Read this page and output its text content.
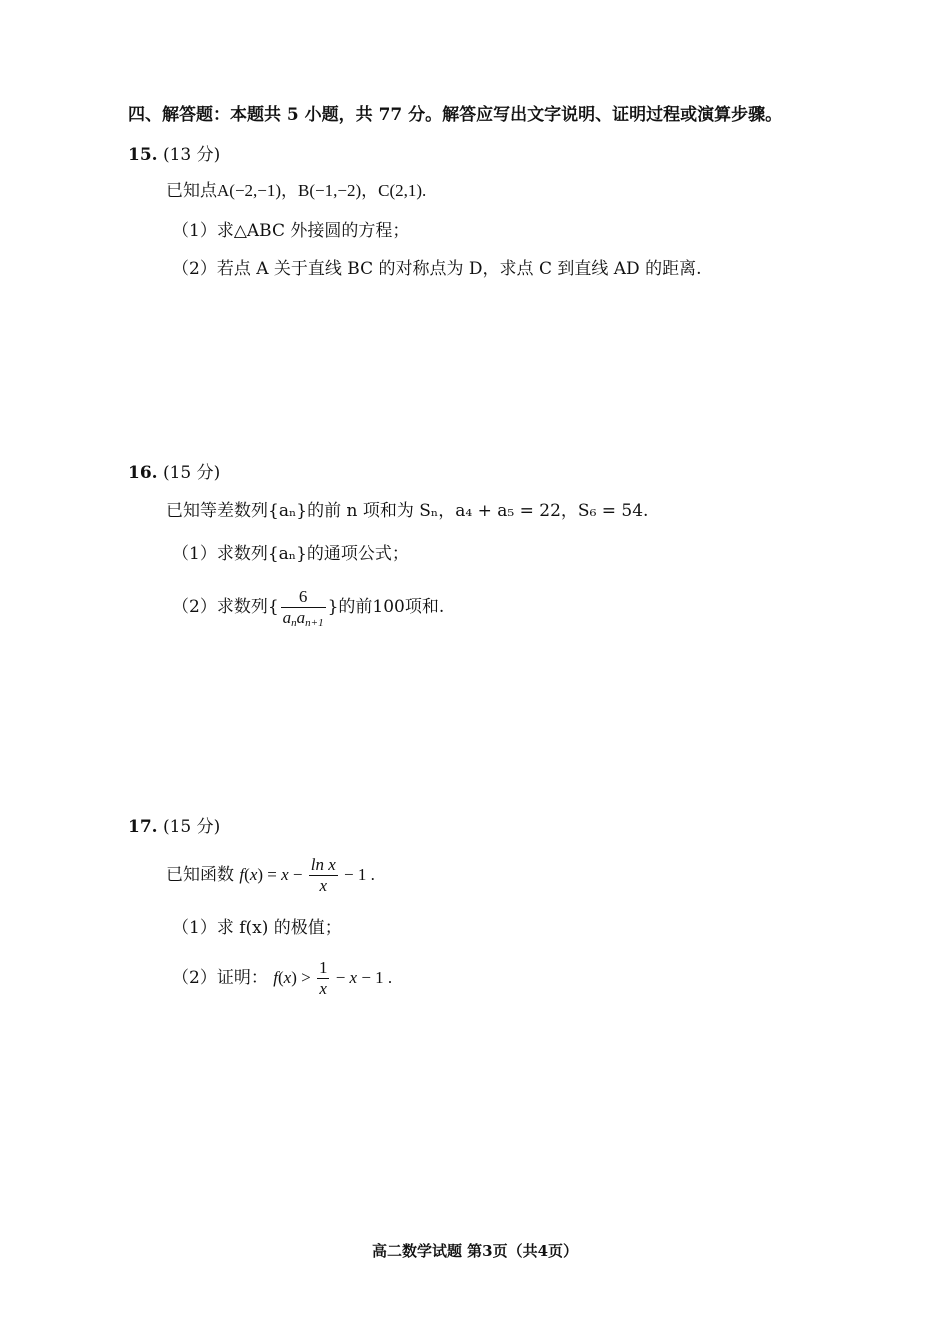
四、解答题：本题共 5 小题，共 77 分。解答应写出文字说明、证明过程或演算步骤。
15. (13 分)
已知点A(−2,−1)，B(−1,−2)，C(2,1).
（1）求△ABC 外接圆的方程；
（2）若点 A 关于直线 BC 的对称点为 D，求点 C 到直线 AD 的距离.
16. (15 分)
已知等差数列{aₙ}的前 n 项和为 Sₙ，a₄ + a₅ = 22，S₆ = 54.
（1）求数列{aₙ}的通项公式；
（2）求数列{ $\frac{6}{a_na_{n+1}}$ }的前100项和.
17. (15 分)
已知函数 $f(x) = x - \frac{\text{ln x}}{x} - 1$ .
（1）求 f(x) 的极值；
（2）证明： $f(x) > \frac{1}{x} - x - 1$ .
高二数学试题 第3页（共4页）
